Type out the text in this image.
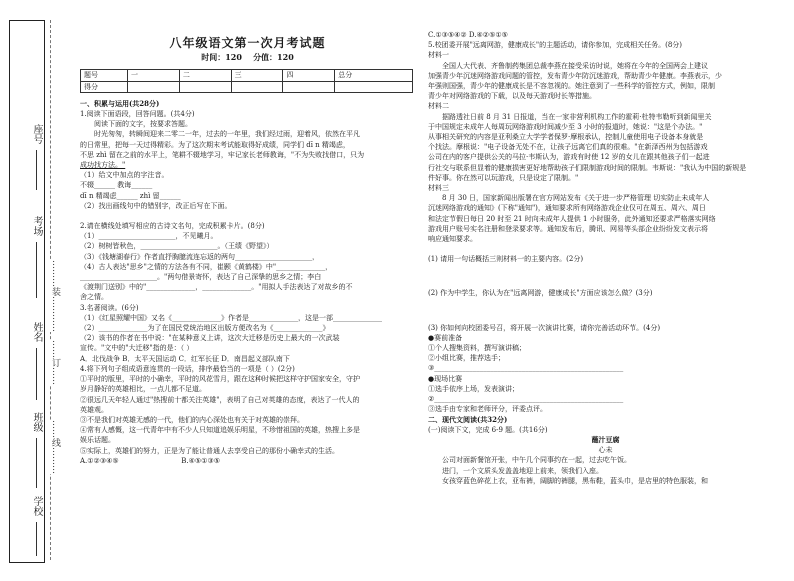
学校
班级
姓名
考场
座号
………装…………
……订……
……线………
八年级语文第一次月考试题
时间：120 分值：120
题号	一	二	三	四	总分
得分					

一、积累与运用(共28分)

1.阅读下面语段，回答问题。(共4分)

阅读下面的文字，按要求答题。

时光匆匆，转瞬间迎来二零二一年，过去的一年里，我们经过雨，迎着风，依然在平凡

的日常里，把每一天过得精彩。为了这次期末考试能取得好成绩，同学们 dī n 精竭虑，

不思 zhì 留在之前的水平上，笔耕不辍地学习，牢记家长老师教诲，"不为失败找借口，只为

成功找方法。"

（1）给文中加点的字注音。

不辍______ 教诲______

dī n 精竭虑______ zhì 留______

（2）找出画线句中的错别字，改正后写在下面。

2.请在横线处填写相应的古诗文名句，完成积累卡片。(8分)

（1）______________________，不见曦月。

（2）树树皆秋色，______________________。（王绩《野望》）

（3）《钱塘湖春行》作者直抒胸臆流连忘返的两句______________________，

（4）古人表达"思乡"之情的方法各有不同，崔颢《黄鹤楼》中"______________，

______________________。"两句借景寄怀，表达了自己深挚的思乡之情；李白

《渡荆门送别》中的"______________，______________。"用拟人手法表达了对故乡的不

舍之情。

3.名著阅读。(6分)

（1）《红星照耀中国》又名《______________》作者是______________，这是一部______________

（2）______________为了在国民党统治地区出版方便改名为《______________》

（2）该书的作者在书中说："在某种意义上讲，这次大迁移是历史上最大的一次武装

宣传。"文中的"大迁移"指的是：（ ）

A．北伐战争 B．太平天国运动 C．红军长征 D．南昌起义部队南下

4.将下列句子组成语意连贯的一段话，排序最恰当的一项是（ ）(2分)

①平时的版里，平时的小确幸，平时的风花雪月，跟在这种时候把这样守护国家安全，守护

岁月静好的英雄相比，一点儿都不足道。

②很远几天年轻人通过"热搜前十都关注英雄"，表明了自己对英雄的态度，表达了一代人的

英雄观。

③不是我们对英雄无感的一代，他们的内心深处也有关于对英雄的崇拜。

④常有人感慨，这一代青年中有不少人只知道追娱乐明星，不珍惜祖国的英雄，热搜上多是

娱乐话题。

⑤实际上，英雄们的努力，正是为了能让普通人去享受自己的那份小确幸式的生活。

A.①②③④⑤	B.④⑤①③⑤

C.①③⑤④② D.④②⑤①⑤

5.校团委开展"远离网游，健康成长"的主题活动，请你参加，完成相关任务。(8分)

材料一

全国人大代表、齐鲁制药集团总裁李燕在接受采访时说，她将在今年的全国两会上建议

加强青少年沉迷网络游戏问题的管控，发布青少年防沉迷游戏，帮助青少年健康。李燕表示，少

年强则国强，青少年的健康成长是不容忽视的。她注意到了一些科学的管控方式，例如，限制

青少年对网络游戏的下载，以及每天游戏时长等措施。

材料二

据路透社日前 8 月 31 日报道，当在一家非营利机构工作的霍莉·杜特韦勒听到新闻里关

于中国规定未成年人每周玩网络游戏时间减少至 3 小时的报道时，她说："这是个办法。"

从事相关研究的内容是亚利桑立大学学者保罗·摩根承认，控制儿童使用电子设备本身就是

个找法。摩根说："电子设备无处不在，让孩子远离它们真的很难。"在新泽西州为包括游戏

公司在内的客户提供公关的马拉·韦斯认为，游戏有时使 12 岁的女儿在跟其他孩子们一起进

行社交与联系但显着的健康损害更好地帮助孩子们限制游戏时间的限制。韦斯说："我认为中国的新规是

件好事。你在然可以玩游戏，只是设定了限制。"

材料三

8 月 30 日，国家新闻出版署在官方网站发布《关于进一步严格管理 切实防止未成年人

沉迷网络游戏的通知》(下称"通知")，通知要求所有网络游戏企业仅可在周五、周六、周日

和法定节假日每日 20 时至 21 时向未成年人提供 1 小时服务，此外通知还要求严格落实网络

游戏用户账号实名注册和登录要求等。通知发布后，腾讯、网易等头部企业纷纷发文表示将

响应通知要求。

(1) 请用一句话概括三则材料一的主要内容。(2分)

(2) 作为中学生，你认为在"远离网游，健康成长"方面应该怎么做？(3分)

(3) 你如何向校团委号召，将开展一次演讲比赛，请你完善活动环节。(4分)

●赛前准备

①个人搜集资料，撰写演讲稿；

②小组比赛，推荐选手；

③______________________________________________________

●现场比赛

①选手依序上场，发表演讲；

②______________________________________________________

③选手由专家和老师评分，评委点评。

二、现代文阅读(共32分)

(一)阅读下文，完成 6-9 题。(共16分)

蘸汁豆腐

心未

公司对面新餐馆开张，中午几个同事约在一起，过去吃午饭。

进门，一个文质头发盖盖地迎上前来，领我们入座。

女孩穿蓝色碎花上衣，亚布裤，阔脚的裤腿，黑布鞋，蓝头巾，是店里的特色服装，和
